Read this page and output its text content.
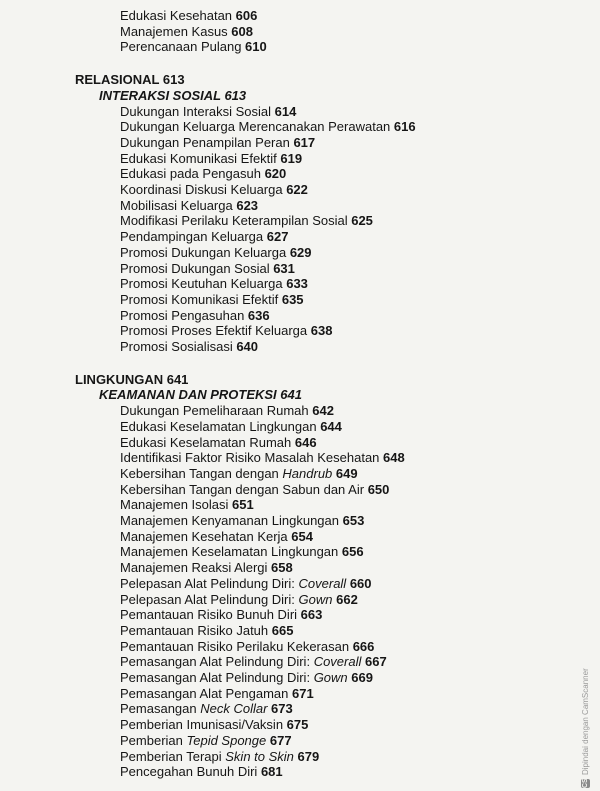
Edukasi Kesehatan 606
Manajemen Kasus 608
Perencanaan Pulang 610
RELASIONAL 613
INTERAKSI SOSIAL 613
Dukungan Interaksi Sosial 614
Dukungan Keluarga Merencanakan Perawatan 616
Dukungan Penampilan Peran 617
Edukasi Komunikasi Efektif 619
Edukasi pada Pengasuh 620
Koordinasi Diskusi Keluarga 622
Mobilisasi Keluarga 623
Modifikasi Perilaku Keterampilan Sosial 625
Pendampingan Keluarga 627
Promosi Dukungan Keluarga 629
Promosi Dukungan Sosial 631
Promosi Keutuhan Keluarga 633
Promosi Komunikasi Efektif 635
Promosi Pengasuhan 636
Promosi Proses Efektif Keluarga 638
Promosi Sosialisasi 640
LINGKUNGAN 641
KEAMANAN DAN PROTEKSI 641
Dukungan Pemeliharaan Rumah 642
Edukasi Keselamatan Lingkungan 644
Edukasi Keselamatan Rumah 646
Identifikasi Faktor Risiko Masalah Kesehatan 648
Kebersihan Tangan dengan Handrub 649
Kebersihan Tangan dengan Sabun dan Air 650
Manajemen Isolasi 651
Manajemen Kenyamanan Lingkungan 653
Manajemen Kesehatan Kerja 654
Manajemen Keselamatan Lingkungan 656
Manajemen Reaksi Alergi 658
Pelepasan Alat Pelindung Diri: Coverall 660
Pelepasan Alat Pelindung Diri: Gown 662
Pemantauan Risiko Bunuh Diri 663
Pemantauan Risiko Jatuh 665
Pemantauan Risiko Perilaku Kekerasan 666
Pemasangan Alat Pelindung Diri: Coverall 667
Pemasangan Alat Pelindung Diri: Gown 669
Pemasangan Alat Pengaman 671
Pemasangan Neck Collar 673
Pemberian Imunisasi/Vaksin 675
Pemberian Tepid Sponge 677
Pemberian Terapi Skin to Skin 679
Pencegahan Bunuh Diri 681
CS
Dipindai dengan CamScanner
